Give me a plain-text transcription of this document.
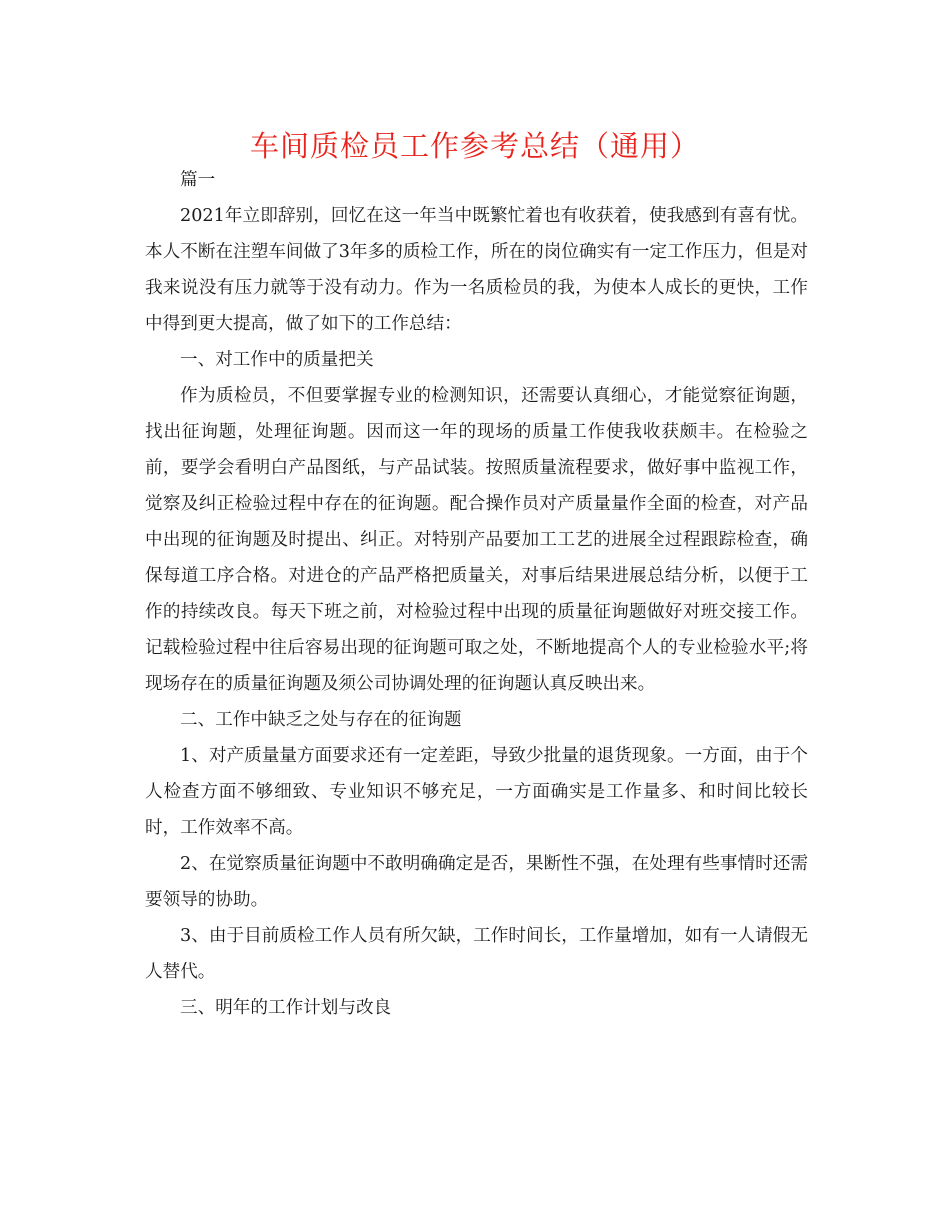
车间质检员工作参考总结（通用）

篇一

2021年立即辞别，回忆在这一年当中既繁忙着也有收获着，使我感到有喜有忧。本人不断在注塑车间做了3年多的质检工作，所在的岗位确实有一定工作压力，但是对我来说没有压力就等于没有动力。作为一名质检员的我，为使本人成长的更快，工作中得到更大提高，做了如下的工作总结：

一、对工作中的质量把关

作为质检员，不但要掌握专业的检测知识，还需要认真细心，才能觉察征询题，找出征询题，处理征询题。因而这一年的现场的质量工作使我收获颇丰。在检验之前，要学会看明白产品图纸，与产品试装。按照质量流程要求，做好事中监视工作，觉察及纠正检验过程中存在的征询题。配合操作员对产质量量作全面的检查，对产品中出现的征询题及时提出、纠正。对特别产品要加工工艺的进展全过程跟踪检查，确保每道工序合格。对进仓的产品严格把质量关，对事后结果进展总结分析，以便于工作的持续改良。每天下班之前，对检验过程中出现的质量征询题做好对班交接工作。记载检验过程中往后容易出现的征询题可取之处，不断地提高个人的专业检验水平;将现场存在的质量征询题及须公司协调处理的征询题认真反映出来。

二、工作中缺乏之处与存在的征询题

1、对产质量量方面要求还有一定差距，导致少批量的退货现象。一方面，由于个人检查方面不够细致、专业知识不够充足，一方面确实是工作量多、和时间比较长时，工作效率不高。

2、在觉察质量征询题中不敢明确确定是否，果断性不强，在处理有些事情时还需要领导的协助。

3、由于目前质检工作人员有所欠缺，工作时间长，工作量增加，如有一人请假无人替代。

三、明年的工作计划与改良
